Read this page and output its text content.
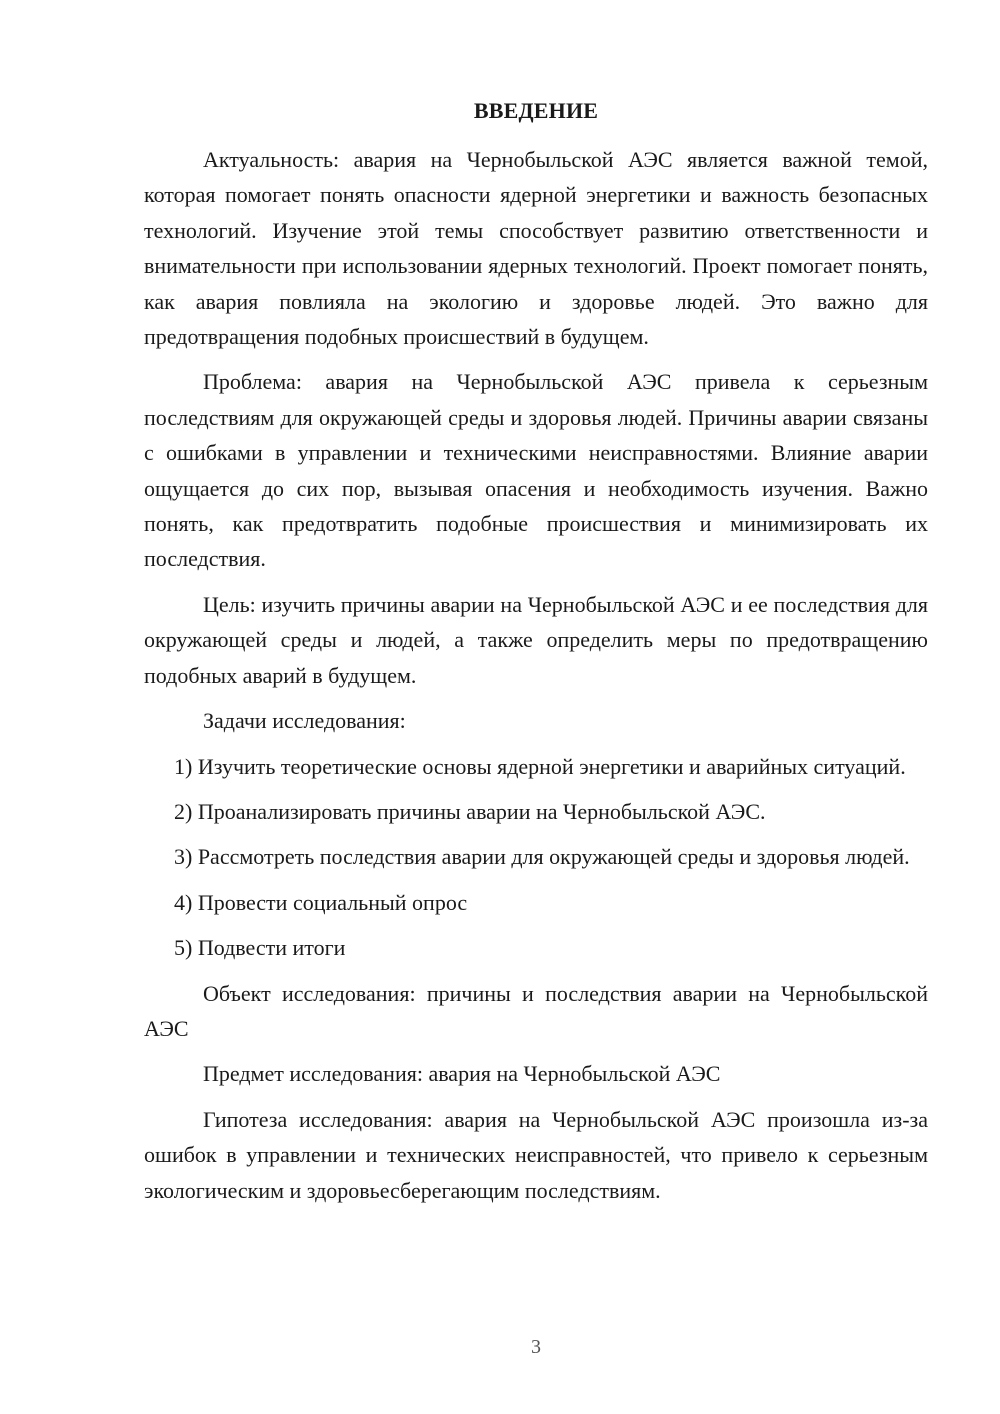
ВВЕДЕНИЕ

Актуальность: авария на Чернобыльской АЭС является важной темой, которая помогает понять опасности ядерной энергетики и важность безопасных технологий. Изучение этой темы способствует развитию ответственности и внимательности при использовании ядерных технологий. Проект помогает понять, как авария повлияла на экологию и здоровье людей. Это важно для предотвращения подобных происшествий в будущем.

Проблема: авария на Чернобыльской АЭС привела к серьезным последствиям для окружающей среды и здоровья людей. Причины аварии связаны с ошибками в управлении и техническими неисправностями. Влияние аварии ощущается до сих пор, вызывая опасения и необходимость изучения. Важно понять, как предотвратить подобные происшествия и минимизировать их последствия.

Цель: изучить причины аварии на Чернобыльской АЭС и ее последствия для окружающей среды и людей, а также определить меры по предотвращению подобных аварий в будущем.

Задачи исследования:

1) Изучить теоретические основы ядерной энергетики и аварийных ситуаций.

2) Проанализировать причины аварии на Чернобыльской АЭС.

3) Рассмотреть последствия аварии для окружающей среды и здоровья людей.

4) Провести социальный опрос

5) Подвести итоги

Объект исследования: причины и последствия аварии на Чернобыльской АЭС

Предмет исследования: авария на Чернобыльской АЭС

Гипотеза исследования: авария на Чернобыльской АЭС произошла из-за ошибок в управлении и технических неисправностей, что привело к серьезным экологическим и здоровьесберегающим последствиям.

3
